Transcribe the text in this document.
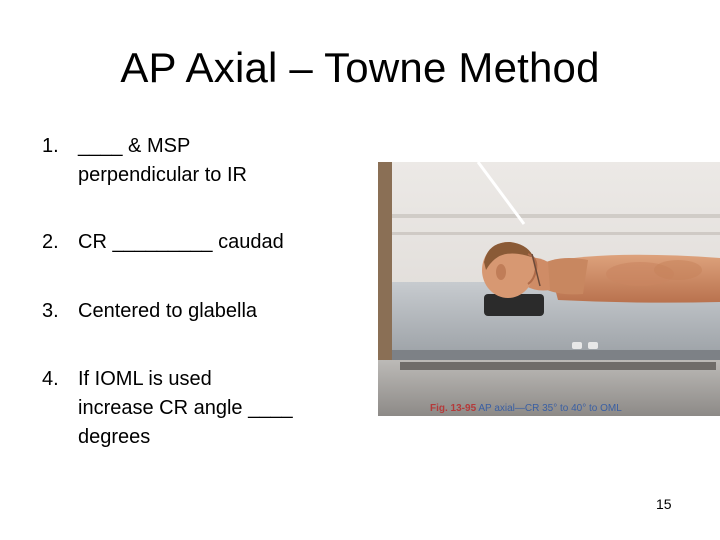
AP Axial – Towne Method
1. ____ & MSP
perpendicular to IR
2. CR _________ caudad
3. Centered to glabella
4. If IOML is used
increase CR angle ____
degrees
Fig. 13-95 AP axial—CR 35° to 40° to OML
15
